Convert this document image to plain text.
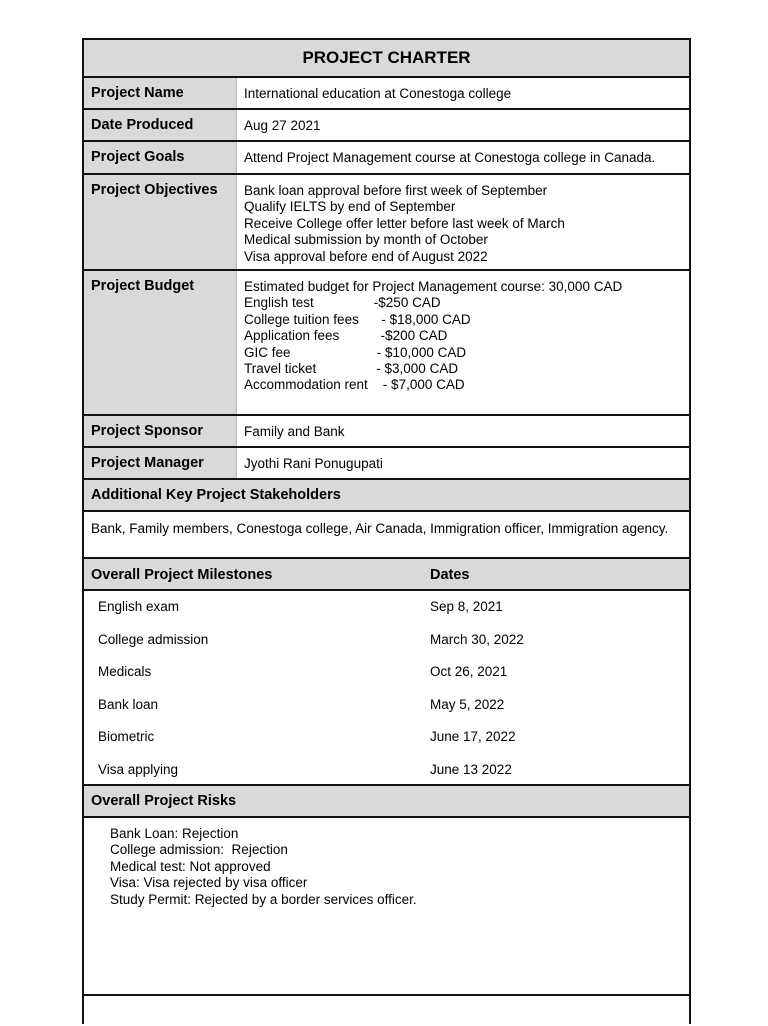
PROJECT CHARTER
Project Name	International education at Conestoga college
Date Produced	Aug 27 2021
Project Goals	Attend Project Management course at Conestoga college in Canada.
Project Objectives	Bank loan approval before first week of September
Qualify IELTS by end of September
Receive College offer letter before last week of March
Medical submission by month of October
Visa approval before end of August 2022
Project Budget	Estimated budget for Project Management course: 30,000 CAD
English test                -$250 CAD
College tuition fees      - $18,000 CAD
Application fees           -$200 CAD
GIC fee                       - $10,000 CAD
Travel ticket                - $3,000 CAD
Accommodation rent    - $7,000 CAD
Project Sponsor	Family and Bank
Project Manager	Jyothi Rani Ponugupati
Additional Key Project Stakeholders
Bank, Family members, Conestoga college, Air Canada, Immigration officer, Immigration agency.
Overall Project Milestones	Dates
English exam	Sep 8, 2021
College admission	March 30, 2022
Medicals	Oct 26, 2021
Bank loan	May 5, 2022
Biometric	June 17, 2022
Visa applying	June 13 2022
Overall Project Risks
Bank Loan: Rejection
College admission:  Rejection
Medical test: Not approved
Visa: Visa rejected by visa officer
Study Permit: Rejected by a border services officer.
